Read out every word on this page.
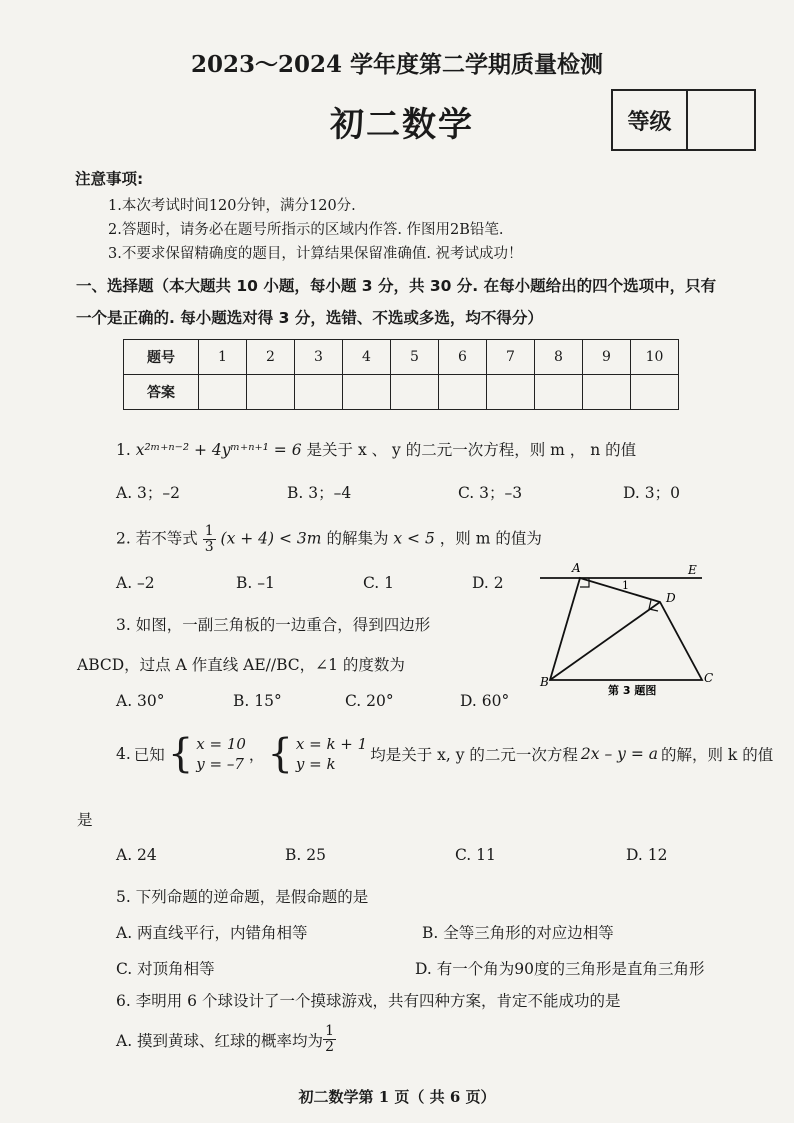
2023～2024 学年度第二学期质量检测
初二数学	等级
注意事项:
1.本次考试时间120分钟，满分120分.
2.答题时，请务必在题号所指示的区域内作答. 作图用2B铅笔.
3.不要求保留精确度的题目，计算结果保留准确值. 祝考试成功！
一、选择题（本大题共 10 小题，每小题 3 分，共 30 分. 在每小题给出的四个选项中，只有
一个是正确的. 每小题选对得 3 分，选错、不选或多选，均不得分）
题号	1	2	3	4	5	6	7	8	9	10
答案										
1. x²ᵐ⁺ⁿ⁻² + 4yᵐ⁺ⁿ⁺¹ = 6 是关于 x 、 y 的二元一次方程，则 m ， n 的值
A. 3；–2	B. 3；–4	C. 3；–3	D. 3；0
2. 若不等式 $\frac{1}{3} (x + 4) < 3m$ 的解集为 x < 5 ，则 m 的值为
A. –2	B. –1	C. 1	D. 2
3. 如图，一副三角板的一边重合，得到四边形
ABCD，过点 A 作直线 AE//BC，∠1 的度数为
A. 30°	B. 15°	C. 20°	D. 60°
A	E
1
D
B	C
第 3 题图
4. 已知 { x = 10
y = –7 ， { x = k + 1
y = k	均是关于 x, y 的二元一次方程 2x – y = a 的解，则 k 的值
是
A. 24	B. 25	C. 11	D. 12
5. 下列命题的逆命题，是假命题的是
A. 两直线平行，内错角相等	B. 全等三角形的对应边相等
C. 对顶角相等	D. 有一个角为90度的三角形是直角三角形
6. 李明用 6 个球设计了一个摸球游戏，共有四种方案，肯定不能成功的是
A. 摸到黄球、红球的概率均为 $\frac{1}{2}$
初二数学第 1 页（ 共 6 页）
